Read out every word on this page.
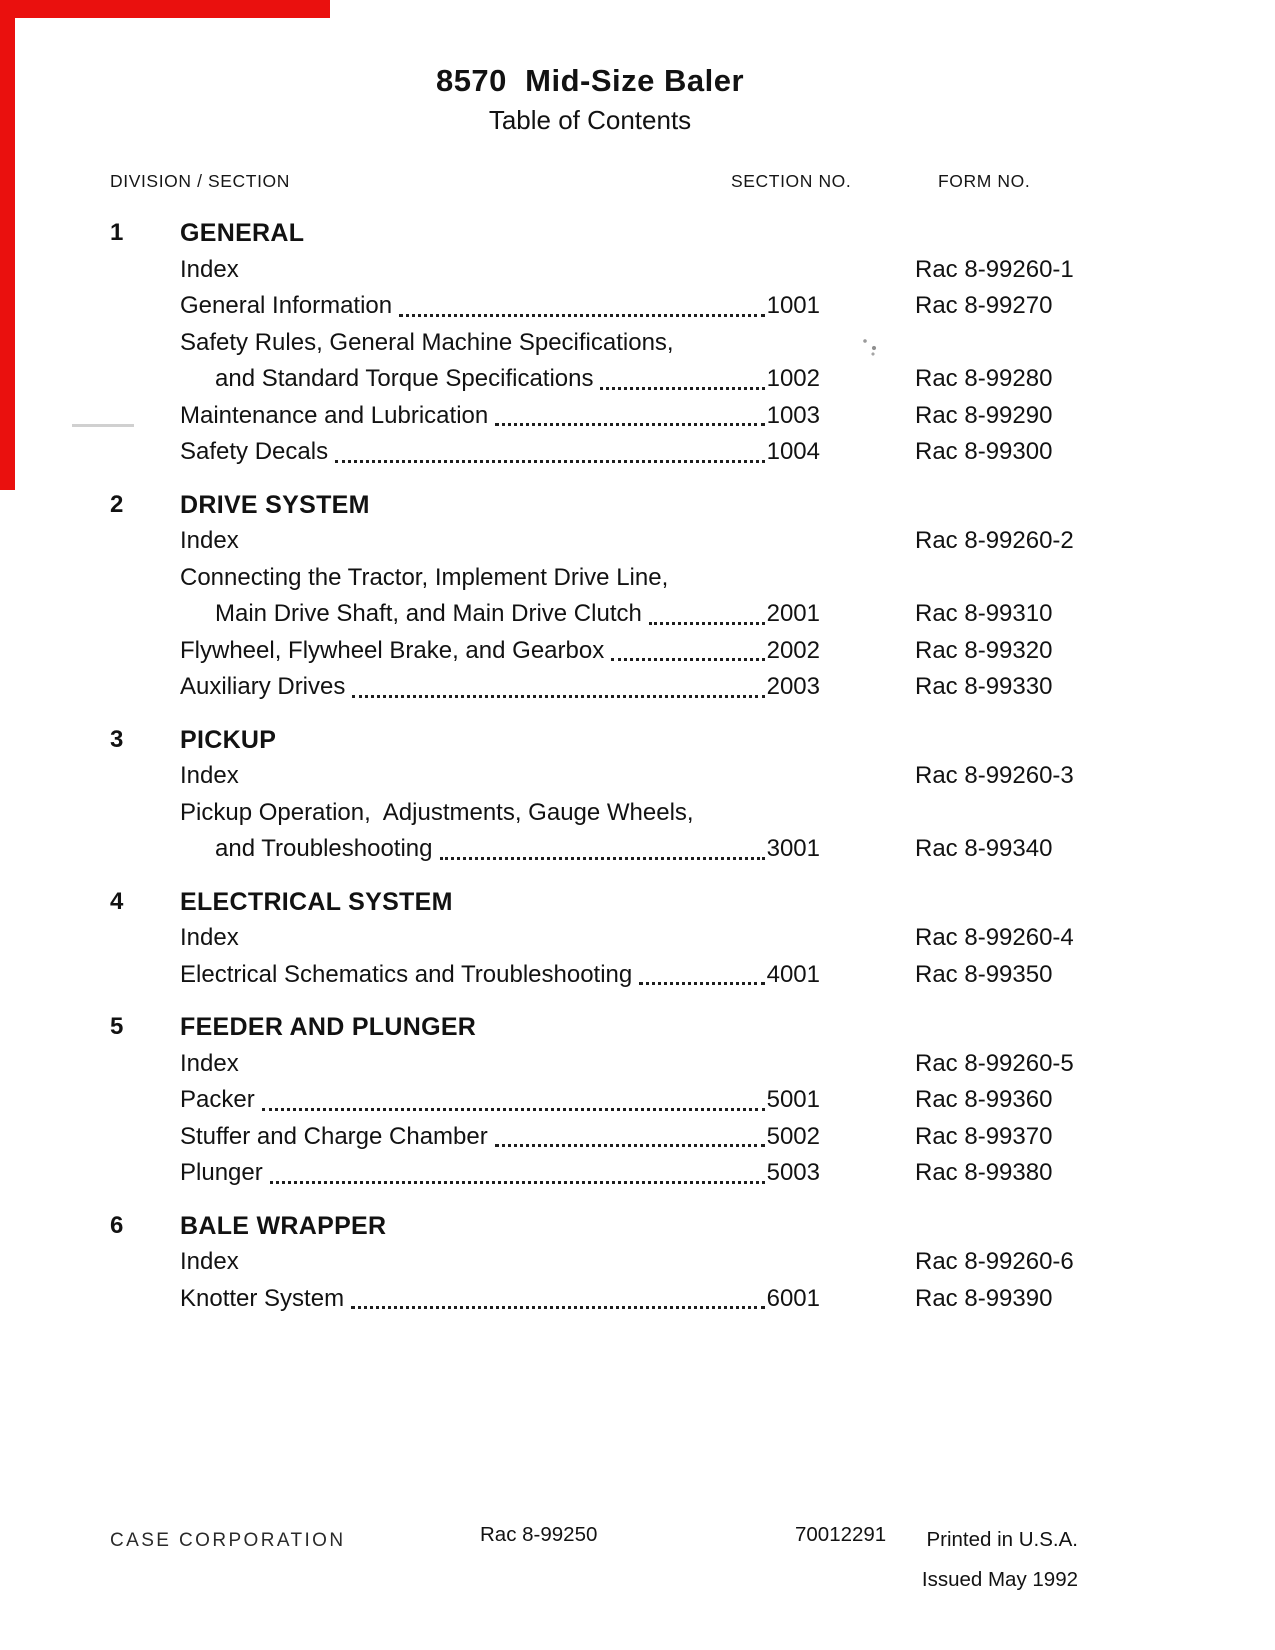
8570  Mid-Size Baler
Table of Contents
DIVISION / SECTION	SECTION NO.	FORM NO.
1	GENERAL
Index	Rac 8-99260-1
General Information	1001	Rac 8-99270
Safety Rules, General Machine Specifications,
and Standard Torque Specifications	1002	Rac 8-99280
Maintenance and Lubrication	1003	Rac 8-99290
Safety Decals	1004	Rac 8-99300
2	DRIVE SYSTEM
Index	Rac 8-99260-2
Connecting the Tractor, Implement Drive Line,
Main Drive Shaft, and Main Drive Clutch	2001	Rac 8-99310
Flywheel, Flywheel Brake, and Gearbox	2002	Rac 8-99320
Auxiliary Drives	2003	Rac 8-99330
3	PICKUP
Index	Rac 8-99260-3
Pickup Operation,  Adjustments, Gauge Wheels,
and Troubleshooting	3001	Rac 8-99340
4	ELECTRICAL SYSTEM
Index	Rac 8-99260-4
Electrical Schematics and Troubleshooting	4001	Rac 8-99350
5	FEEDER AND PLUNGER
Index	Rac 8-99260-5
Packer	5001	Rac 8-99360
Stuffer and Charge Chamber	5002	Rac 8-99370
Plunger	5003	Rac 8-99380
6	BALE WRAPPER
Index	Rac 8-99260-6
Knotter System	6001	Rac 8-99390
CASE CORPORATION	Rac 8-99250	70012291 Printed in U.S.A.
Issued May 1992
